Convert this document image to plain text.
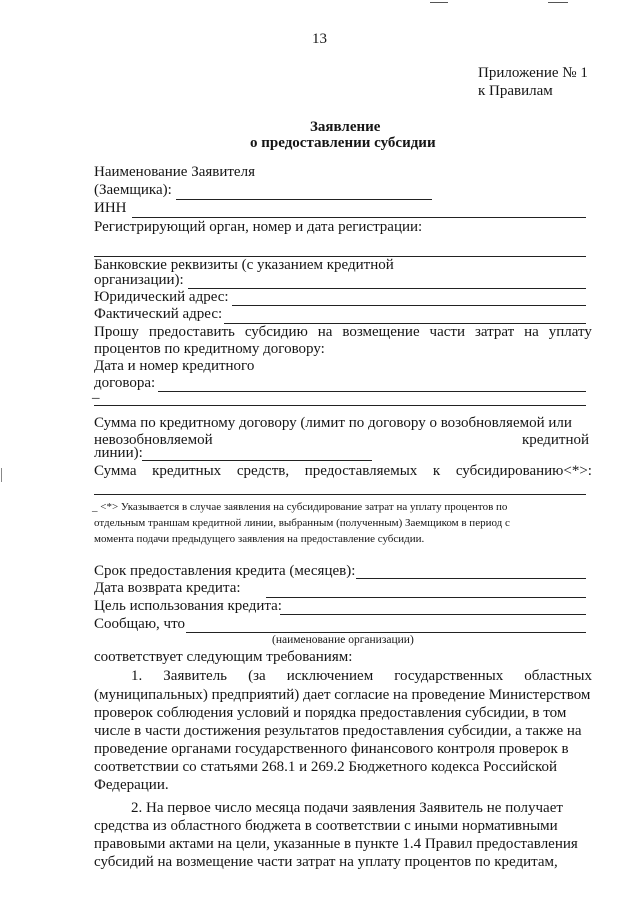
13
Приложение № 1
к Правилам
Заявление
о предоставлении субсидии
Наименование Заявителя
(Заемщика):
ИНН
Регистрирующий орган, номер и дата регистрации:
Банковские реквизиты (с указанием кредитной
организации):
Юридический адрес:
Фактический адрес:
Прошу предоставить субсидию на возмещение части затрат на уплату
процентов по кредитному договору:
Дата и номер кредитного
договора:
_
Сумма по кредитному договору (лимит по договору о возобновляемой или
невозобновляемой	кредитной
линии):
Сумма кредитных средств, предоставляемых к субсидированию<*>:
_ <*> Указывается в случае заявления на субсидирование затрат на уплату процентов по
отдельным траншам кредитной линии, выбранным (полученным) Заемщиком в период с
момента подачи предыдущего заявления на предоставление субсидии.
Срок предоставления кредита (месяцев):
Дата возврата кредита:
Цель использования кредита:
Сообщаю, что
(наименование организации)
соответствует следующим требованиям:
1. Заявитель (за исключением государственных областных
(муниципальных) предприятий) дает согласие на проведение Министерством
проверок соблюдения условий и порядка предоставления субсидии, в том
числе в части достижения результатов предоставления субсидии, а также на
проведение органами государственного финансового контроля проверок в
соответствии со статьями 268.1 и 269.2 Бюджетного кодекса Российской
Федерации.
2. На первое число месяца подачи заявления Заявитель не получает
средства из областного бюджета в соответствии с иными нормативными
правовыми актами на цели, указанные в пункте 1.4 Правил предоставления
субсидий на возмещение части затрат на уплату процентов по кредитам,
